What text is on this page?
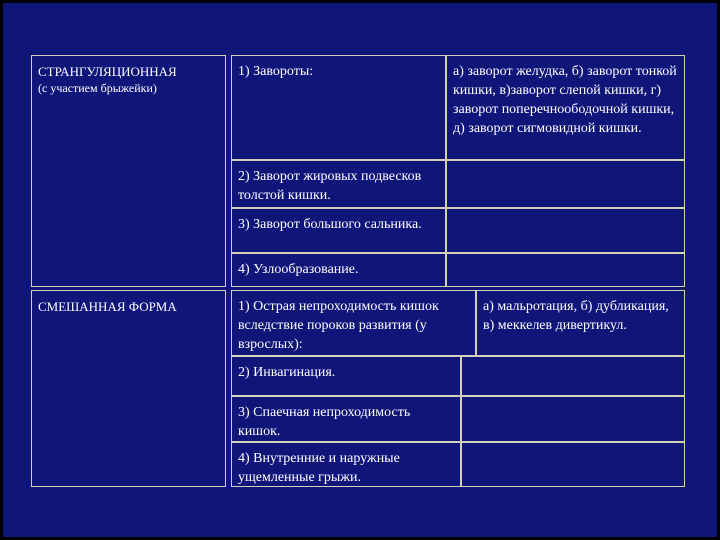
СТРАНГУЛЯЦИОННАЯ
(с участием брыжейки)
1) Завороты:	а) заворот желудка, б) заворот тонкой кишки, в)заворот слепой кишки, г) заворот поперечноободочной кишки, д) заворот сигмовидной кишки.
2) Заворот жировых подвесков толстой кишки.
3) Заворот большого сальника.
4) Узлообразование.
СМЕШАННАЯ ФОРМА	1) Острая непроходимость кишок вследствие пороков развития (у взрослых):
а) мальротация, б) дубликация, в) меккелев дивертикул.
2) Инвагинация.
3) Спаечная непроходимость кишок.
4) Внутренние и наружные ущемленные грыжи.
